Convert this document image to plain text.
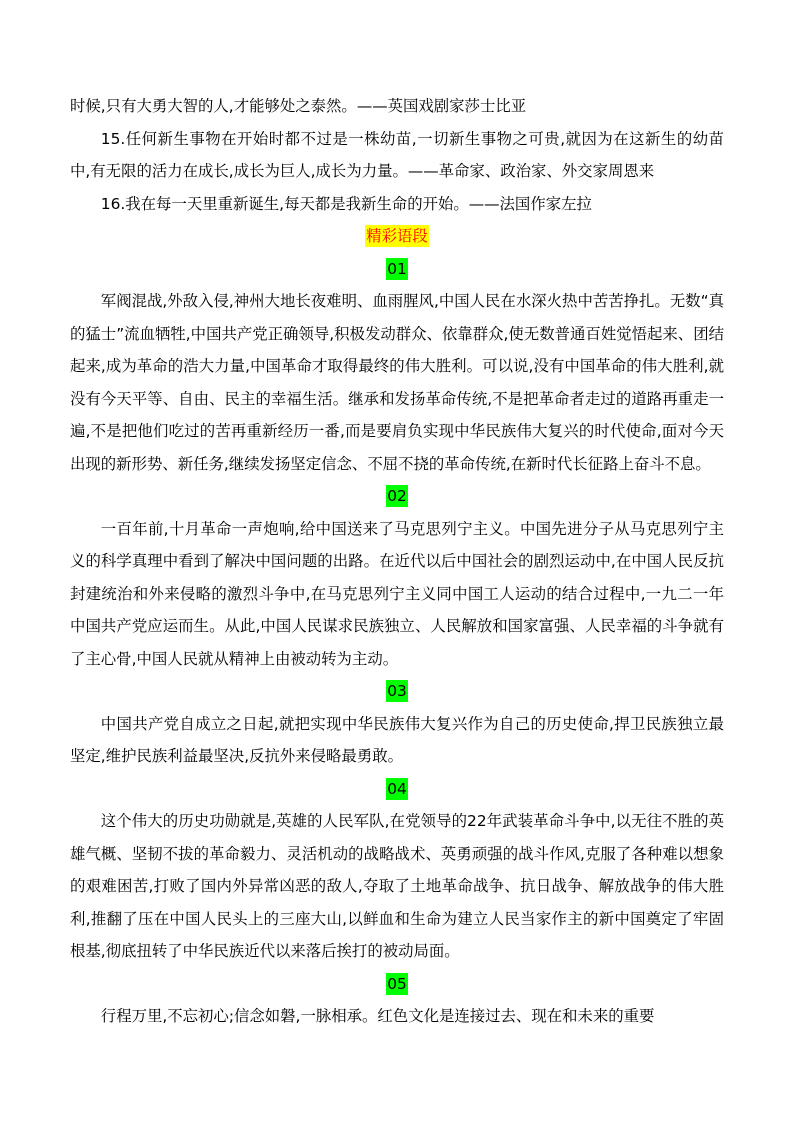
时候,只有大勇大智的人,才能够处之泰然。——英国戏剧家莎士比亚

15.任何新生事物在开始时都不过是一株幼苗,一切新生事物之可贵,就因为在这新生的幼苗中,有无限的活力在成长,成长为巨人,成长为力量。——革命家、政治家、外交家周恩来

16.我在每一天里重新诞生,每天都是我新生命的开始。——法国作家左拉

精彩语段
01

军阀混战,外敌入侵,神州大地长夜难明、血雨腥风,中国人民在水深火热中苦苦挣扎。无数“真的猛士”流血牺牲,中国共产党正确领导,积极发动群众、依靠群众,使无数普通百姓觉悟起来、团结起来,成为革命的浩大力量,中国革命才取得最终的伟大胜利。可以说,没有中国革命的伟大胜利,就没有今天平等、自由、民主的幸福生活。继承和发扬革命传统,不是把革命者走过的道路再重走一遍,不是把他们吃过的苦再重新经历一番,而是要肩负实现中华民族伟大复兴的时代使命,面对今天出现的新形势、新任务,继续发扬坚定信念、不屈不挠的革命传统,在新时代长征路上奋斗不息。

02

一百年前,十月革命一声炮响,给中国送来了马克思列宁主义。中国先进分子从马克思列宁主义的科学真理中看到了解决中国问题的出路。在近代以后中国社会的剧烈运动中,在中国人民反抗封建统治和外来侵略的激烈斗争中,在马克思列宁主义同中国工人运动的结合过程中,一九二一年中国共产党应运而生。从此,中国人民谋求民族独立、人民解放和国家富强、人民幸福的斗争就有了主心骨,中国人民就从精神上由被动转为主动。

03

中国共产党自成立之日起,就把实现中华民族伟大复兴作为自己的历史使命,捍卫民族独立最坚定,维护民族利益最坚决,反抗外来侵略最勇敢。

04

这个伟大的历史功勋就是,英雄的人民军队,在党领导的22年武装革命斗争中,以无往不胜的英雄气概、坚韧不拔的革命毅力、灵活机动的战略战术、英勇顽强的战斗作风,克服了各种难以想象的艰难困苦,打败了国内外异常凶恶的敌人,夺取了土地革命战争、抗日战争、解放战争的伟大胜利,推翻了压在中国人民头上的三座大山,以鲜血和生命为建立人民当家作主的新中国奠定了牢固根基,彻底扭转了中华民族近代以来落后挨打的被动局面。

05

行程万里,不忘初心;信念如磐,一脉相承。红色文化是连接过去、现在和未来的重要
